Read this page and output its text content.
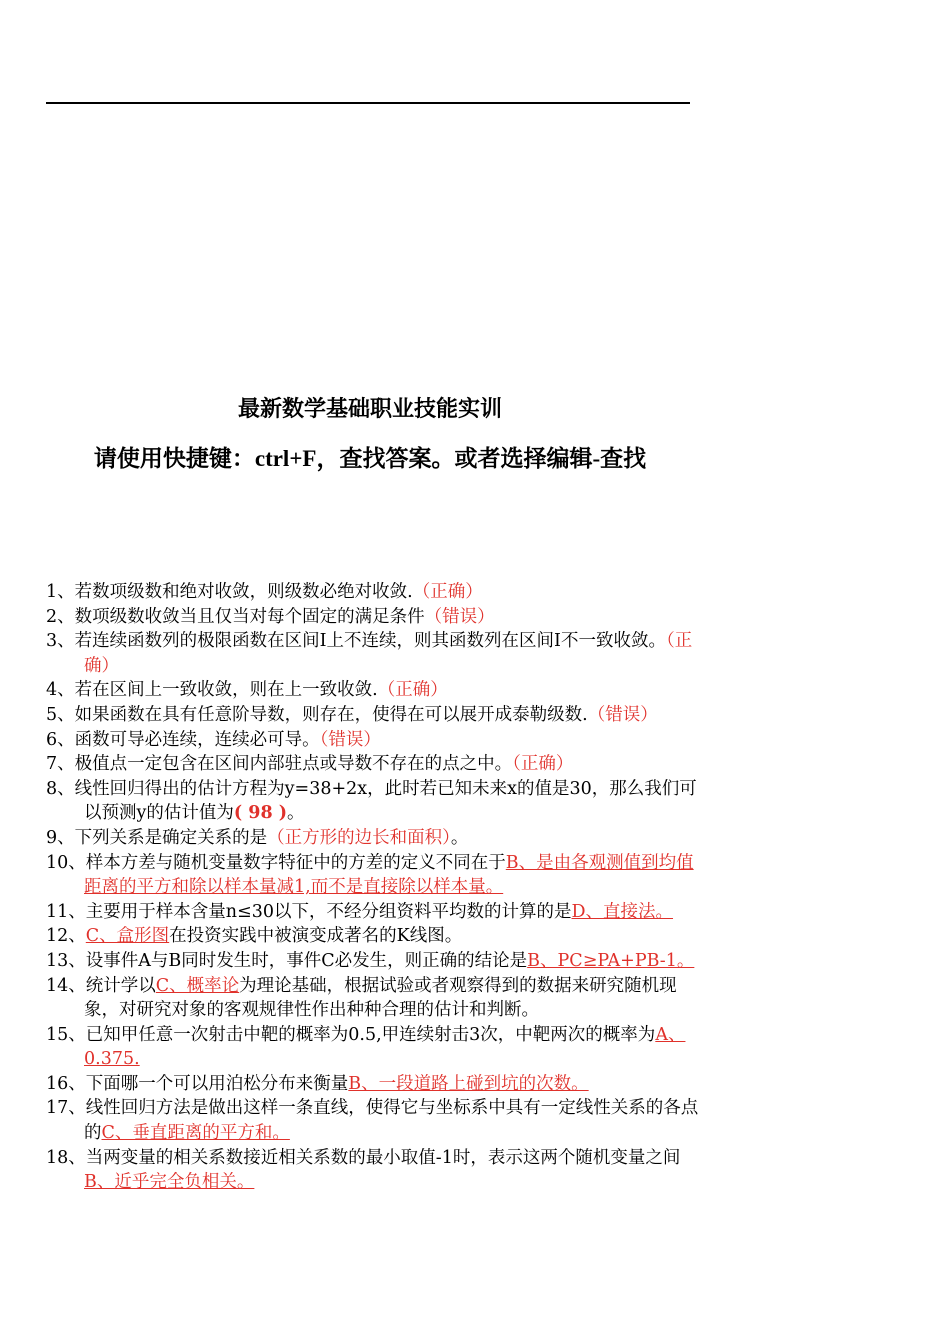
最新数学基础职业技能实训
请使用快捷键：ctrl+F，查找答案。或者选择编辑-查找
1、若数项级数和绝对收敛，则级数必绝对收敛.（正确）
2、数项级数收敛当且仅当对每个固定的满足条件（错误）
3、若连续函数列的极限函数在区间I上不连续，则其函数列在区间I不一致收敛。（正确）
4、若在区间上一致收敛，则在上一致收敛.（正确）
5、如果函数在具有任意阶导数，则存在，使得在可以展开成泰勒级数.（错误）
6、函数可导必连续，连续必可导。（错误）
7、极值点一定包含在区间内部驻点或导数不存在的点之中。（正确）
8、线性回归得出的估计方程为y=38+2x，此时若已知未来x的值是30，那么我们可以预测y的估计值为( 98 )。
9、下列关系是确定关系的是（正方形的边长和面积）。
10、样本方差与随机变量数字特征中的方差的定义不同在于B、是由各观测值到均值距离的平方和除以样本量减1,而不是直接除以样本量。
11、主要用于样本含量n≤30以下，不经分组资料平均数的计算的是D、直接法。
12、C、盒形图在投资实践中被演变成著名的K线图。
13、设事件A与B同时发生时，事件C必发生，则正确的结论是B、PC≥PA+PB-1。
14、统计学以C、概率论为理论基础，根据试验或者观察得到的数据来研究随机现象，对研究对象的客观规律性作出种种合理的估计和判断。
15、已知甲任意一次射击中靶的概率为0.5,甲连续射击3次，中靶两次的概率为A、0.375.
16、下面哪一个可以用泊松分布来衡量B、一段道路上碰到坑的次数。
17、线性回归方法是做出这样一条直线，使得它与坐标系中具有一定线性关系的各点的C、垂直距离的平方和。
18、当两变量的相关系数接近相关系数的最小取值-1时，表示这两个随机变量之间B、近乎完全负相关。
